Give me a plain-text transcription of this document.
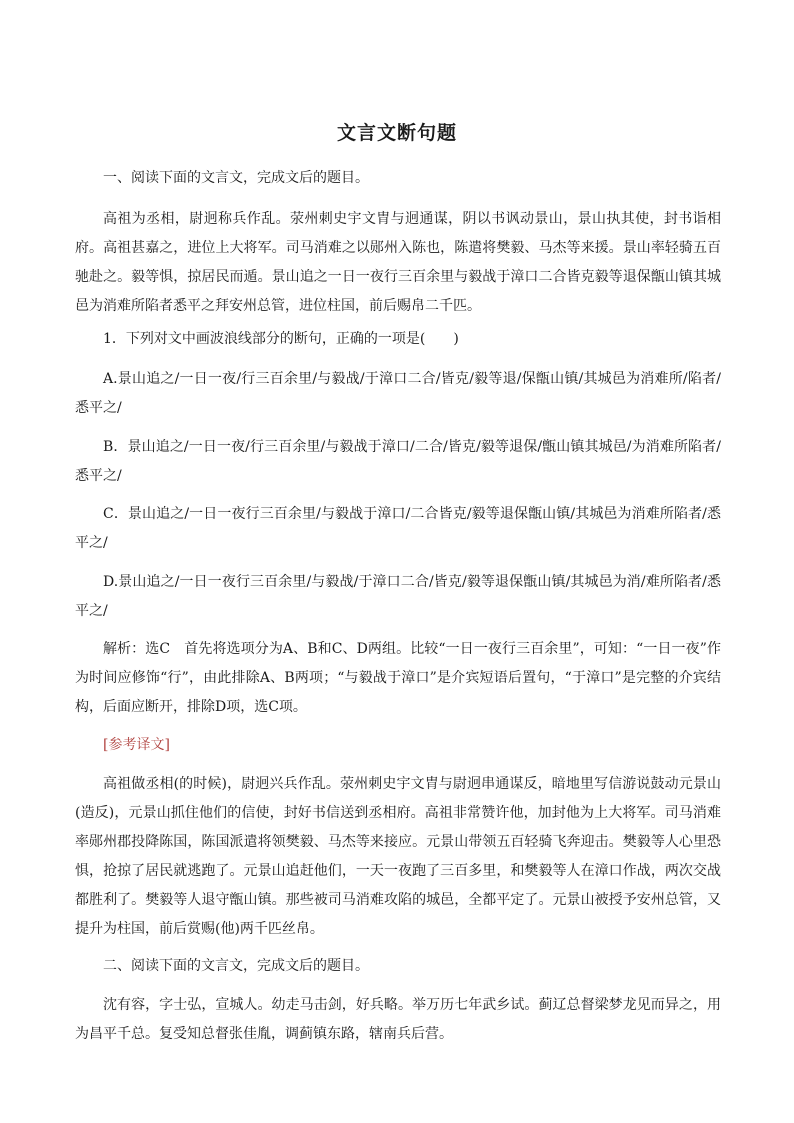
文言文断句题
一、阅读下面的文言文，完成文后的题目。
高祖为丞相，尉迥称兵作乱。荥州刺史宇文胄与迥通谋，阴以书讽动景山，景山执其使，封书诣相府。高祖甚嘉之，进位上大将军。司马消难之以郧州入陈也，陈遣将樊毅、马杰等来援。景山率轻骑五百驰赴之。毅等惧，掠居民而遁。景山追之一日一夜行三百余里与毅战于漳口二合皆克毅等退保甑山镇其城邑为消难所陷者悉平之拜安州总管，进位柱国，前后赐帛二千匹。
1．下列对文中画波浪线部分的断句，正确的一项是(　　)
A.景山追之/一日一夜/行三百余里/与毅战/于漳口二合/皆克/毅等退/保甑山镇/其城邑为消难所/陷者/悉平之/
B．景山追之/一日一夜/行三百余里/与毅战于漳口/二合/皆克/毅等退保/甑山镇其城邑/为消难所陷者/悉平之/
C．景山追之/一日一夜行三百余里/与毅战于漳口/二合皆克/毅等退保甑山镇/其城邑为消难所陷者/悉平之/
D.景山追之/一日一夜行三百余里/与毅战/于漳口二合/皆克/毅等退保甑山镇/其城邑为消/难所陷者/悉平之/
解析：选C　首先将选项分为A、B和C、D两组。比较“一日一夜行三百余里”，可知：“一日一夜”作为时间应修饰“行”，由此排除A、B两项；“与毅战于漳口”是介宾短语后置句，“于漳口”是完整的介宾结构，后面应断开，排除D项，选C项。
[参考译文]
高祖做丞相(的时候)，尉迥兴兵作乱。荥州刺史宇文胄与尉迥串通谋反，暗地里写信游说鼓动元景山(造反)，元景山抓住他们的信使，封好书信送到丞相府。高祖非常赞许他，加封他为上大将军。司马消难率郧州郡投降陈国，陈国派遣将领樊毅、马杰等来接应。元景山带领五百轻骑飞奔迎击。樊毅等人心里恐惧，抢掠了居民就逃跑了。元景山追赶他们，一天一夜跑了三百多里，和樊毅等人在漳口作战，两次交战都胜利了。樊毅等人退守甑山镇。那些被司马消难攻陷的城邑，全都平定了。元景山被授予安州总管，又提升为柱国，前后赏赐(他)两千匹丝帛。
二、阅读下面的文言文，完成文后的题目。
沈有容，字士弘，宣城人。幼走马击剑，好兵略。举万历七年武乡试。蓟辽总督梁梦龙见而异之，用为昌平千总。复受知总督张佳胤，调蓟镇东路，辖南兵后营。
